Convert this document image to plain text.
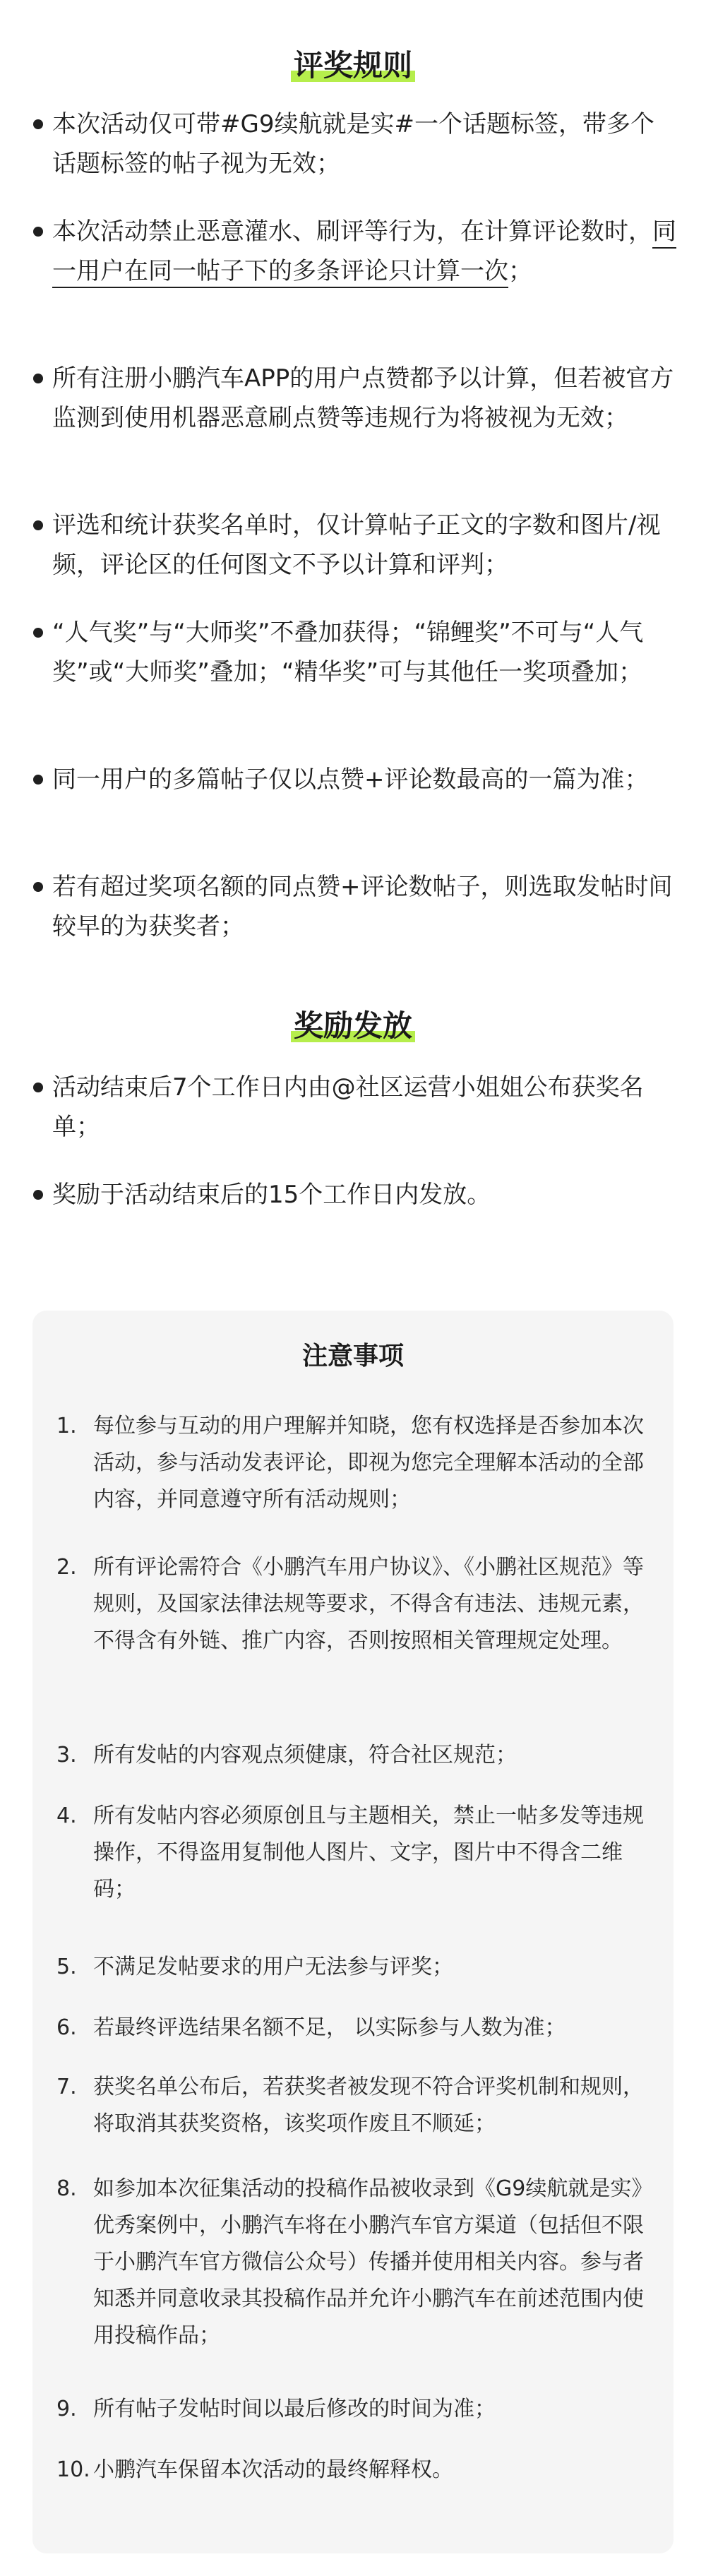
评奖规则
本次活动仅可带#G9续航就是实#一个话题标签，带多个话题标签的帖子视为无效；
本次活动禁止恶意灌水、刷评等行为，在计算评论数时，同一用户在同一帖子下的多条评论只计算一次；
所有注册小鹏汽车APP的用户点赞都予以计算，但若被官方监测到使用机器恶意刷点赞等违规行为将被视为无效；
评选和统计获奖名单时，仅计算帖子正文的字数和图片/视频，评论区的任何图文不予以计算和评判；
“人气奖”与“大师奖”不叠加获得；“锦鲤奖”不可与“人气奖”或“大师奖”叠加；“精华奖”可与其他任一奖项叠加；
同一用户的多篇帖子仅以点赞+评论数最高的一篇为准；
若有超过奖项名额的同点赞+评论数帖子，则选取发帖时间较早的为获奖者；
奖励发放
活动结束后7个工作日内由@社区运营小姐姐公布获奖名单；
奖励于活动结束后的15个工作日内发放。
注意事项
1. 每位参与互动的用户理解并知晓，您有权选择是否参加本次活动，参与活动发表评论，即视为您完全理解本活动的全部内容，并同意遵守所有活动规则；
2. 所有评论需符合《小鹏汽车用户协议》、《小鹏社区规范》等规则，及国家法律法规等要求，不得含有违法、违规元素，不得含有外链、推广内容，否则按照相关管理规定处理。
3. 所有发帖的内容观点须健康，符合社区规范；
4. 所有发帖内容必须原创且与主题相关，禁止一帖多发等违规操作，不得盗用复制他人图片、文字，图片中不得含二维码；
5. 不满足发帖要求的用户无法参与评奖；
6. 若最终评选结果名额不足， 以实际参与人数为准；
7. 获奖名单公布后，若获奖者被发现不符合评奖机制和规则，将取消其获奖资格，该奖项作废且不顺延；
8. 如参加本次征集活动的投稿作品被收录到《G9续航就是实》优秀案例中，小鹏汽车将在小鹏汽车官方渠道（包括但不限于小鹏汽车官方微信公众号）传播并使用相关内容。参与者知悉并同意收录其投稿作品并允许小鹏汽车在前述范围内使用投稿作品；
9. 所有帖子发帖时间以最后修改的时间为准；
10. 小鹏汽车保留本次活动的最终解释权。
